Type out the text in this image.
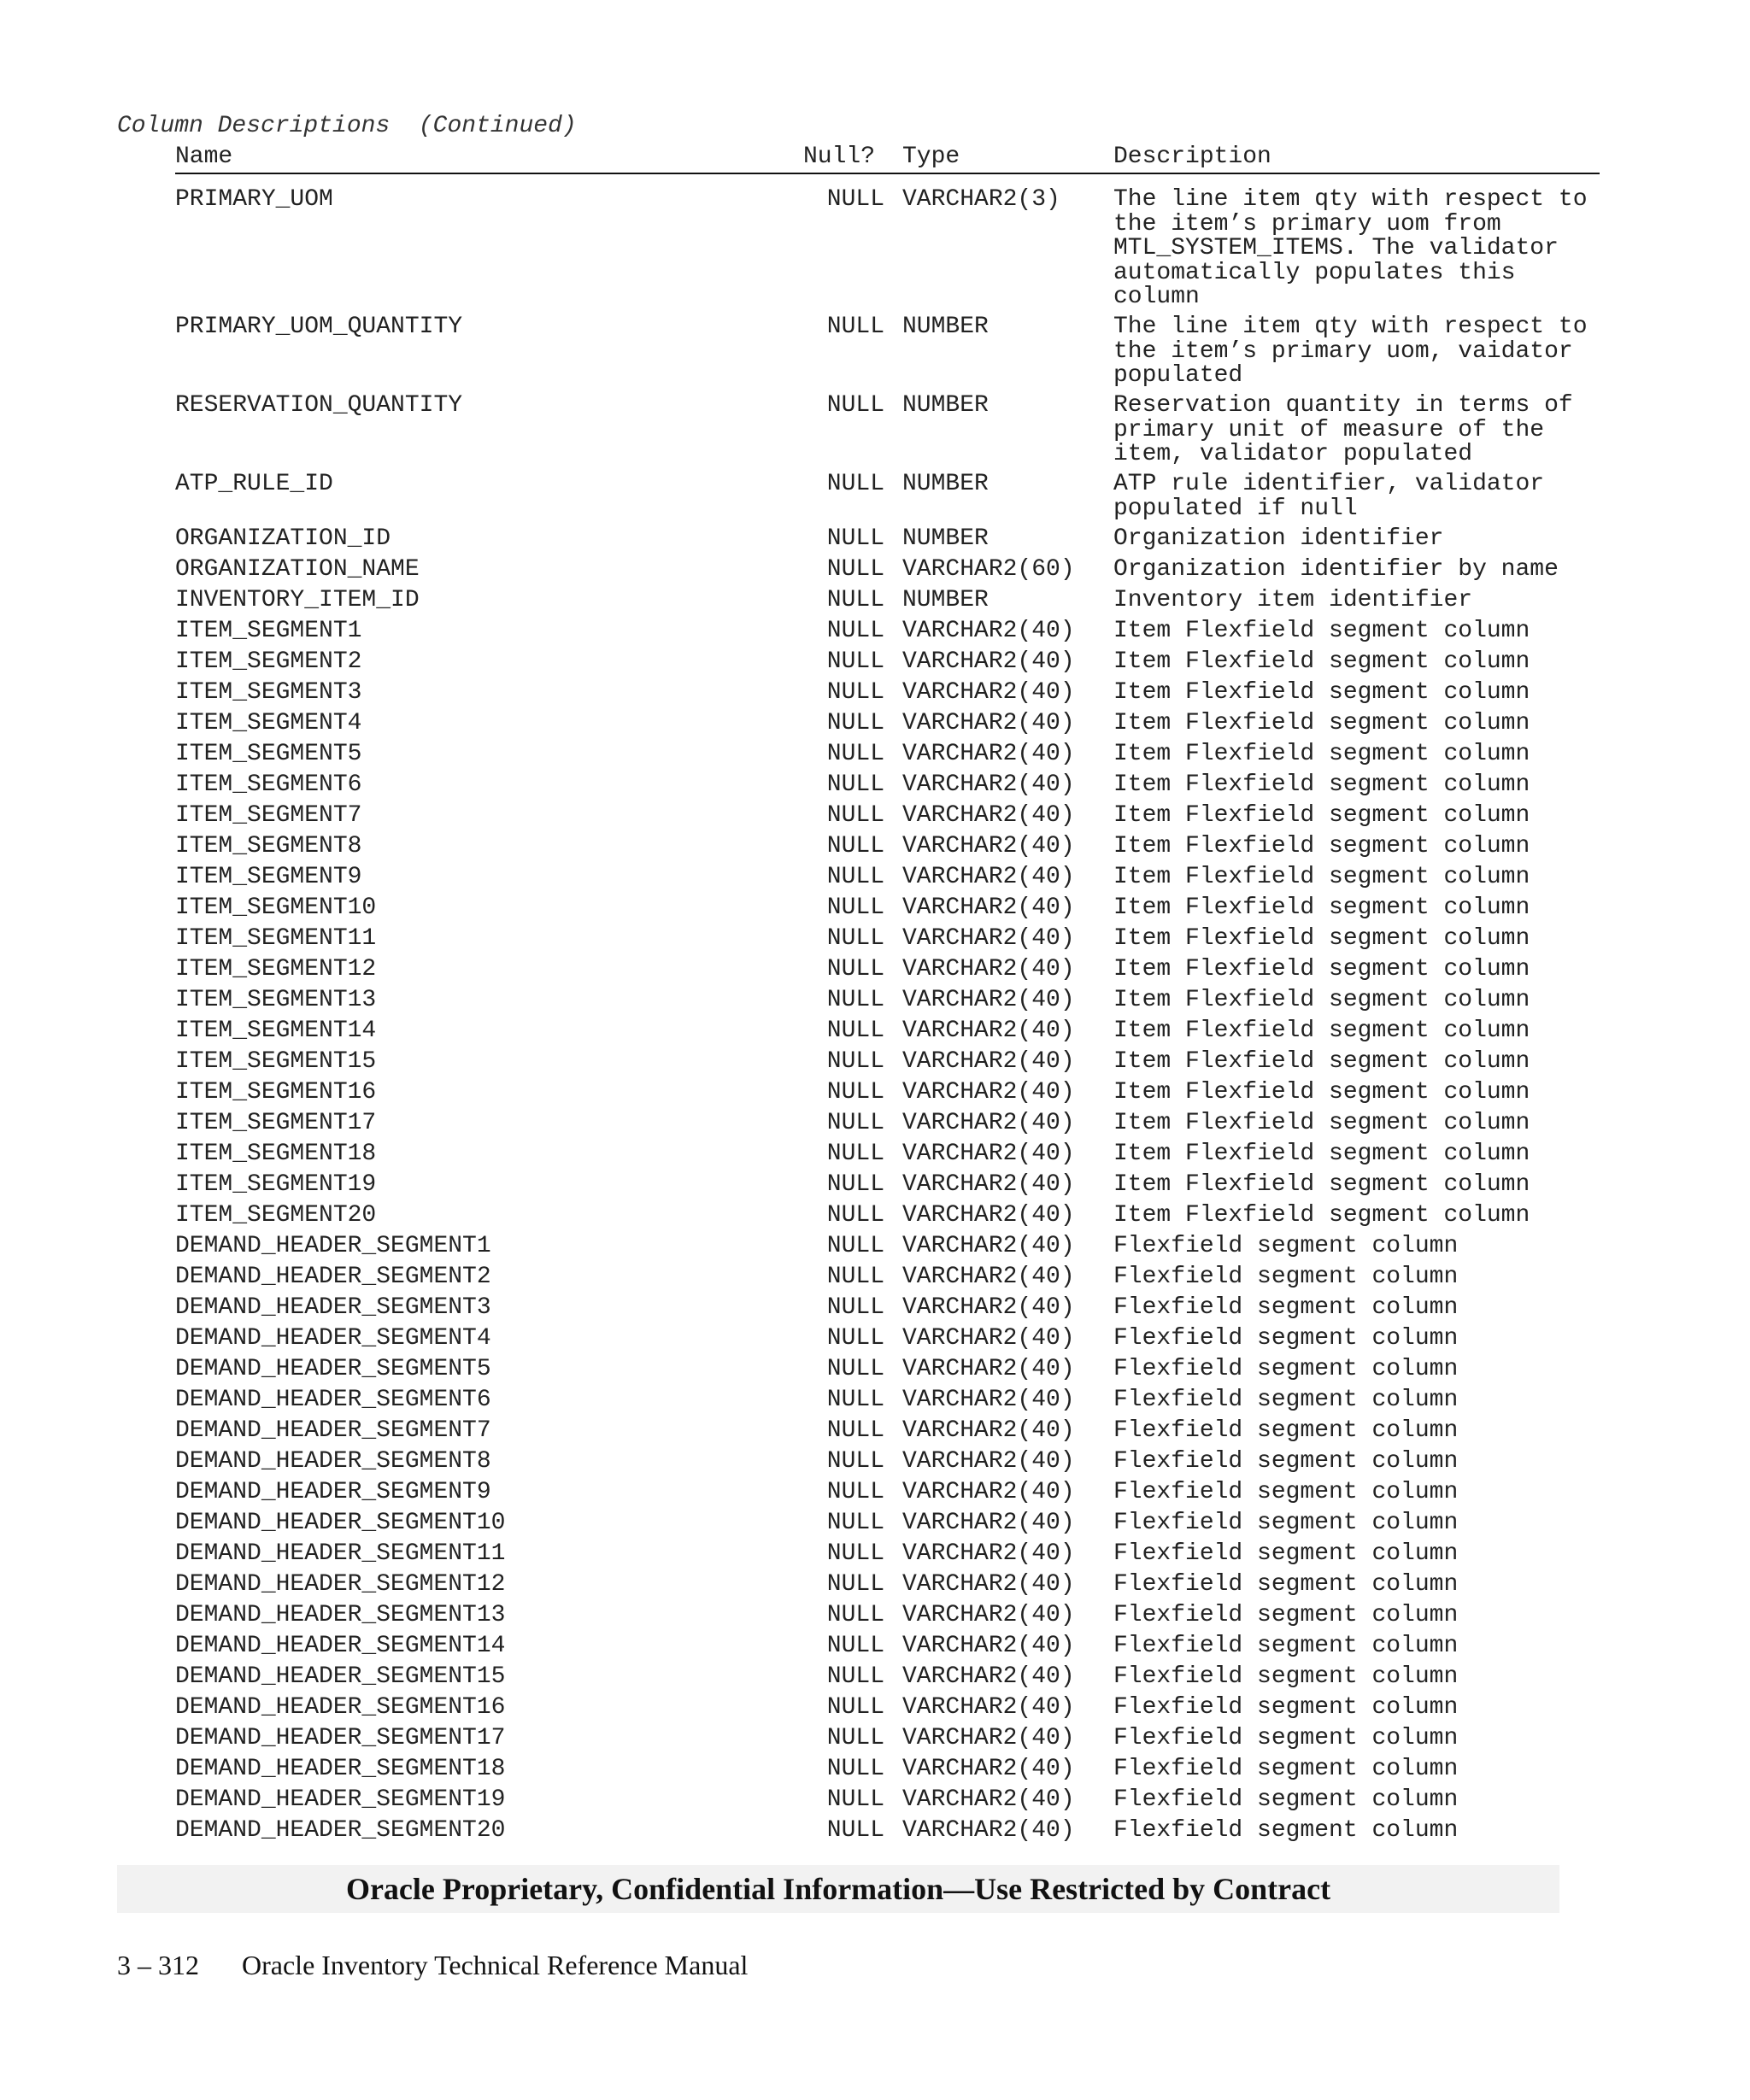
Column Descriptions  (Continued)
Name	Null? Type	Description
PRIMARY_UOM	NULL VARCHAR2(3) The line item qty with respect to the item’s primary uom from MTL_SYSTEM_ITEMS. The validator automatically populates this column
PRIMARY_UOM_QUANTITY	NULL NUMBER	The line item qty with respect to the item’s primary uom, vaidator populated
RESERVATION_QUANTITY	NULL NUMBER	Reservation quantity in terms of primary unit of measure of the item, validator populated
ATP_RULE_ID	NULL NUMBER	ATP rule identifier, validator populated if null
ORGANIZATION_ID	NULL NUMBER	Organization identifier
ORGANIZATION_NAME	NULL VARCHAR2(60) Organization identifier by name
INVENTORY_ITEM_ID	NULL NUMBER	Inventory item identifier
ITEM_SEGMENT1	NULL VARCHAR2(40) Item Flexfield segment column
ITEM_SEGMENT2	NULL VARCHAR2(40) Item Flexfield segment column
ITEM_SEGMENT3	NULL VARCHAR2(40) Item Flexfield segment column
ITEM_SEGMENT4	NULL VARCHAR2(40) Item Flexfield segment column
ITEM_SEGMENT5	NULL VARCHAR2(40) Item Flexfield segment column
ITEM_SEGMENT6	NULL VARCHAR2(40) Item Flexfield segment column
ITEM_SEGMENT7	NULL VARCHAR2(40) Item Flexfield segment column
ITEM_SEGMENT8	NULL VARCHAR2(40) Item Flexfield segment column
ITEM_SEGMENT9	NULL VARCHAR2(40) Item Flexfield segment column
ITEM_SEGMENT10	NULL VARCHAR2(40) Item Flexfield segment column
ITEM_SEGMENT11	NULL VARCHAR2(40) Item Flexfield segment column
ITEM_SEGMENT12	NULL VARCHAR2(40) Item Flexfield segment column
ITEM_SEGMENT13	NULL VARCHAR2(40) Item Flexfield segment column
ITEM_SEGMENT14	NULL VARCHAR2(40) Item Flexfield segment column
ITEM_SEGMENT15	NULL VARCHAR2(40) Item Flexfield segment column
ITEM_SEGMENT16	NULL VARCHAR2(40) Item Flexfield segment column
ITEM_SEGMENT17	NULL VARCHAR2(40) Item Flexfield segment column
ITEM_SEGMENT18	NULL VARCHAR2(40) Item Flexfield segment column
ITEM_SEGMENT19	NULL VARCHAR2(40) Item Flexfield segment column
ITEM_SEGMENT20	NULL VARCHAR2(40) Item Flexfield segment column
DEMAND_HEADER_SEGMENT1	NULL VARCHAR2(40) Flexfield segment column
DEMAND_HEADER_SEGMENT2	NULL VARCHAR2(40) Flexfield segment column
DEMAND_HEADER_SEGMENT3	NULL VARCHAR2(40) Flexfield segment column
DEMAND_HEADER_SEGMENT4	NULL VARCHAR2(40) Flexfield segment column
DEMAND_HEADER_SEGMENT5	NULL VARCHAR2(40) Flexfield segment column
DEMAND_HEADER_SEGMENT6	NULL VARCHAR2(40) Flexfield segment column
DEMAND_HEADER_SEGMENT7	NULL VARCHAR2(40) Flexfield segment column
DEMAND_HEADER_SEGMENT8	NULL VARCHAR2(40) Flexfield segment column
DEMAND_HEADER_SEGMENT9	NULL VARCHAR2(40) Flexfield segment column
DEMAND_HEADER_SEGMENT10	NULL VARCHAR2(40) Flexfield segment column
DEMAND_HEADER_SEGMENT11	NULL VARCHAR2(40) Flexfield segment column
DEMAND_HEADER_SEGMENT12	NULL VARCHAR2(40) Flexfield segment column
DEMAND_HEADER_SEGMENT13	NULL VARCHAR2(40) Flexfield segment column
DEMAND_HEADER_SEGMENT14	NULL VARCHAR2(40) Flexfield segment column
DEMAND_HEADER_SEGMENT15	NULL VARCHAR2(40) Flexfield segment column
DEMAND_HEADER_SEGMENT16	NULL VARCHAR2(40) Flexfield segment column
DEMAND_HEADER_SEGMENT17	NULL VARCHAR2(40) Flexfield segment column
DEMAND_HEADER_SEGMENT18	NULL VARCHAR2(40) Flexfield segment column
DEMAND_HEADER_SEGMENT19	NULL VARCHAR2(40) Flexfield segment column
DEMAND_HEADER_SEGMENT20	NULL VARCHAR2(40) Flexfield segment column
Oracle Proprietary, Confidential Information––Use Restricted by Contract
3 – 312 Oracle Inventory Technical Reference Manual
